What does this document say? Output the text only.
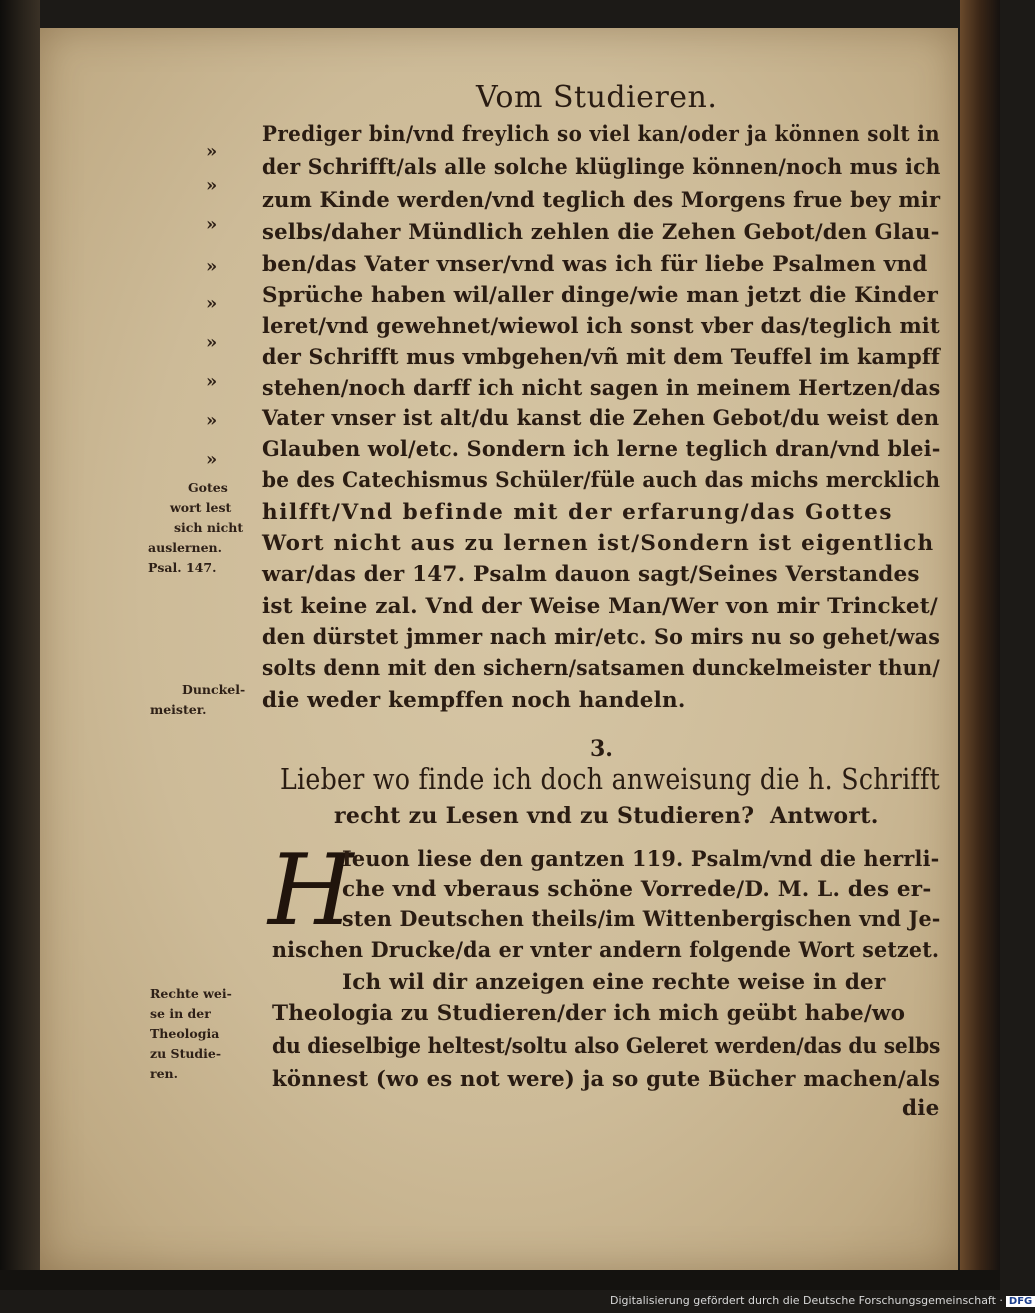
Vom Studieren.
»
»
»
»
»
»
»
»
»
Prediger bin/vnd freylich so viel kan/oder ja können solt in
der Schrifft/als alle solche klüglinge können/noch mus ich
zum Kinde werden/vnd teglich des Morgens frue bey mir
selbs/daher Mündlich zehlen die Zehen Gebot/den Glau-
ben/das Vater vnser/vnd was ich für liebe Psalmen vnd
Sprüche haben wil/aller dinge/wie man jetzt die Kinder
leret/vnd gewehnet/wiewol ich sonst vber das/teglich mit
der Schrifft mus vmbgehen/vñ mit dem Teuffel im kampff
stehen/noch darff ich nicht sagen in meinem Hertzen/das
Vater vnser ist alt/du kanst die Zehen Gebot/du weist den
Glauben wol/etc. Sondern ich lerne teglich dran/vnd blei-
be des Catechismus Schüler/füle auch das michs mercklich
hilfft/Vnd befinde mit der erfarung/das Gottes
Wort nicht aus zu lernen ist/Sondern ist eigentlich
war/das der 147. Psalm dauon sagt/Seines Verstandes
ist keine zal. Vnd der Weise Man/Wer von mir Trincket/
den dürstet jmmer nach mir/etc. So mirs nu so gehet/was
solts denn mit den sichern/satsamen dunckelmeister thun/
die weder kempffen noch handeln.
Gotes
wort lest
sich nicht
auslernen.
Psal. 147.
Dunckel-
meister.
3.
Lieber wo finde ich doch anweisung die h. Schrifft
recht zu Lesen vnd zu Studieren? Antwort.
H
Ieuon liese den gantzen 119. Psalm/vnd die herrli-
che vnd vberaus schöne Vorrede/D. M. L. des er-
sten Deutschen theils/im Wittenbergischen vnd Je-
nischen Drucke/da er vnter andern folgende Wort setzet.
Ich wil dir anzeigen eine rechte weise in der
Theologia zu Studieren/der ich mich geübt habe/wo
du dieselbige heltest/soltu also Geleret werden/das du selbs
könnest (wo es not were) ja so gute Bücher machen/als
die
Rechte wei-
se in der
Theologia
zu Studie-
ren.
Digitalisierung gefördert durch die Deutsche Forschungsgemeinschaft · DFG
